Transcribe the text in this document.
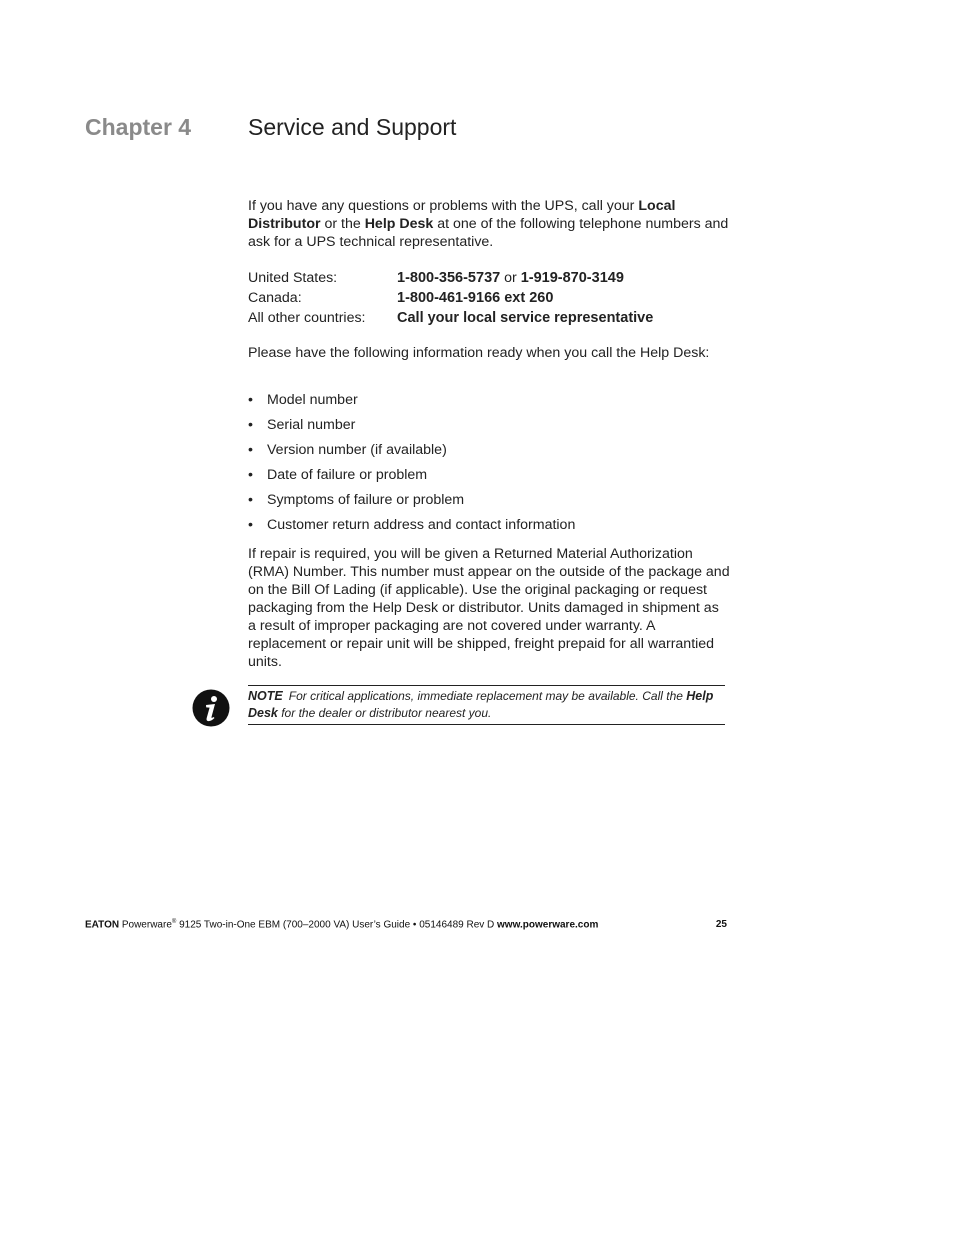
Chapter 4 Service and Support
If you have any questions or problems with the UPS, call your Local Distributor or the Help Desk at one of the following telephone numbers and ask for a UPS technical representative.
United States:	1-800-356-5737 or 1-919-870-3149
Canada:	1-800-461-9166 ext 260
All other countries: Call your local service representative
Please have the following information ready when you call the Help Desk:
• Model number
• Serial number
• Version number (if available)
• Date of failure or problem
• Symptoms of failure or problem
• Customer return address and contact information
If repair is required, you will be given a Returned Material Authorization (RMA) Number. This number must appear on the outside of the package and on the Bill Of Lading (if applicable). Use the original packaging or request packaging from the Help Desk or distributor. Units damaged in shipment as a result of improper packaging are not covered under warranty. A replacement or repair unit will be shipped, freight prepaid for all warrantied units.
NOTE For critical applications, immediate replacement may be available. Call the Help Desk for the dealer or distributor nearest you.
EATON Powerware® 9125 Two-in-One EBM (700–2000 VA) User’s Guide • 05146489 Rev D www.powerware.com	25
